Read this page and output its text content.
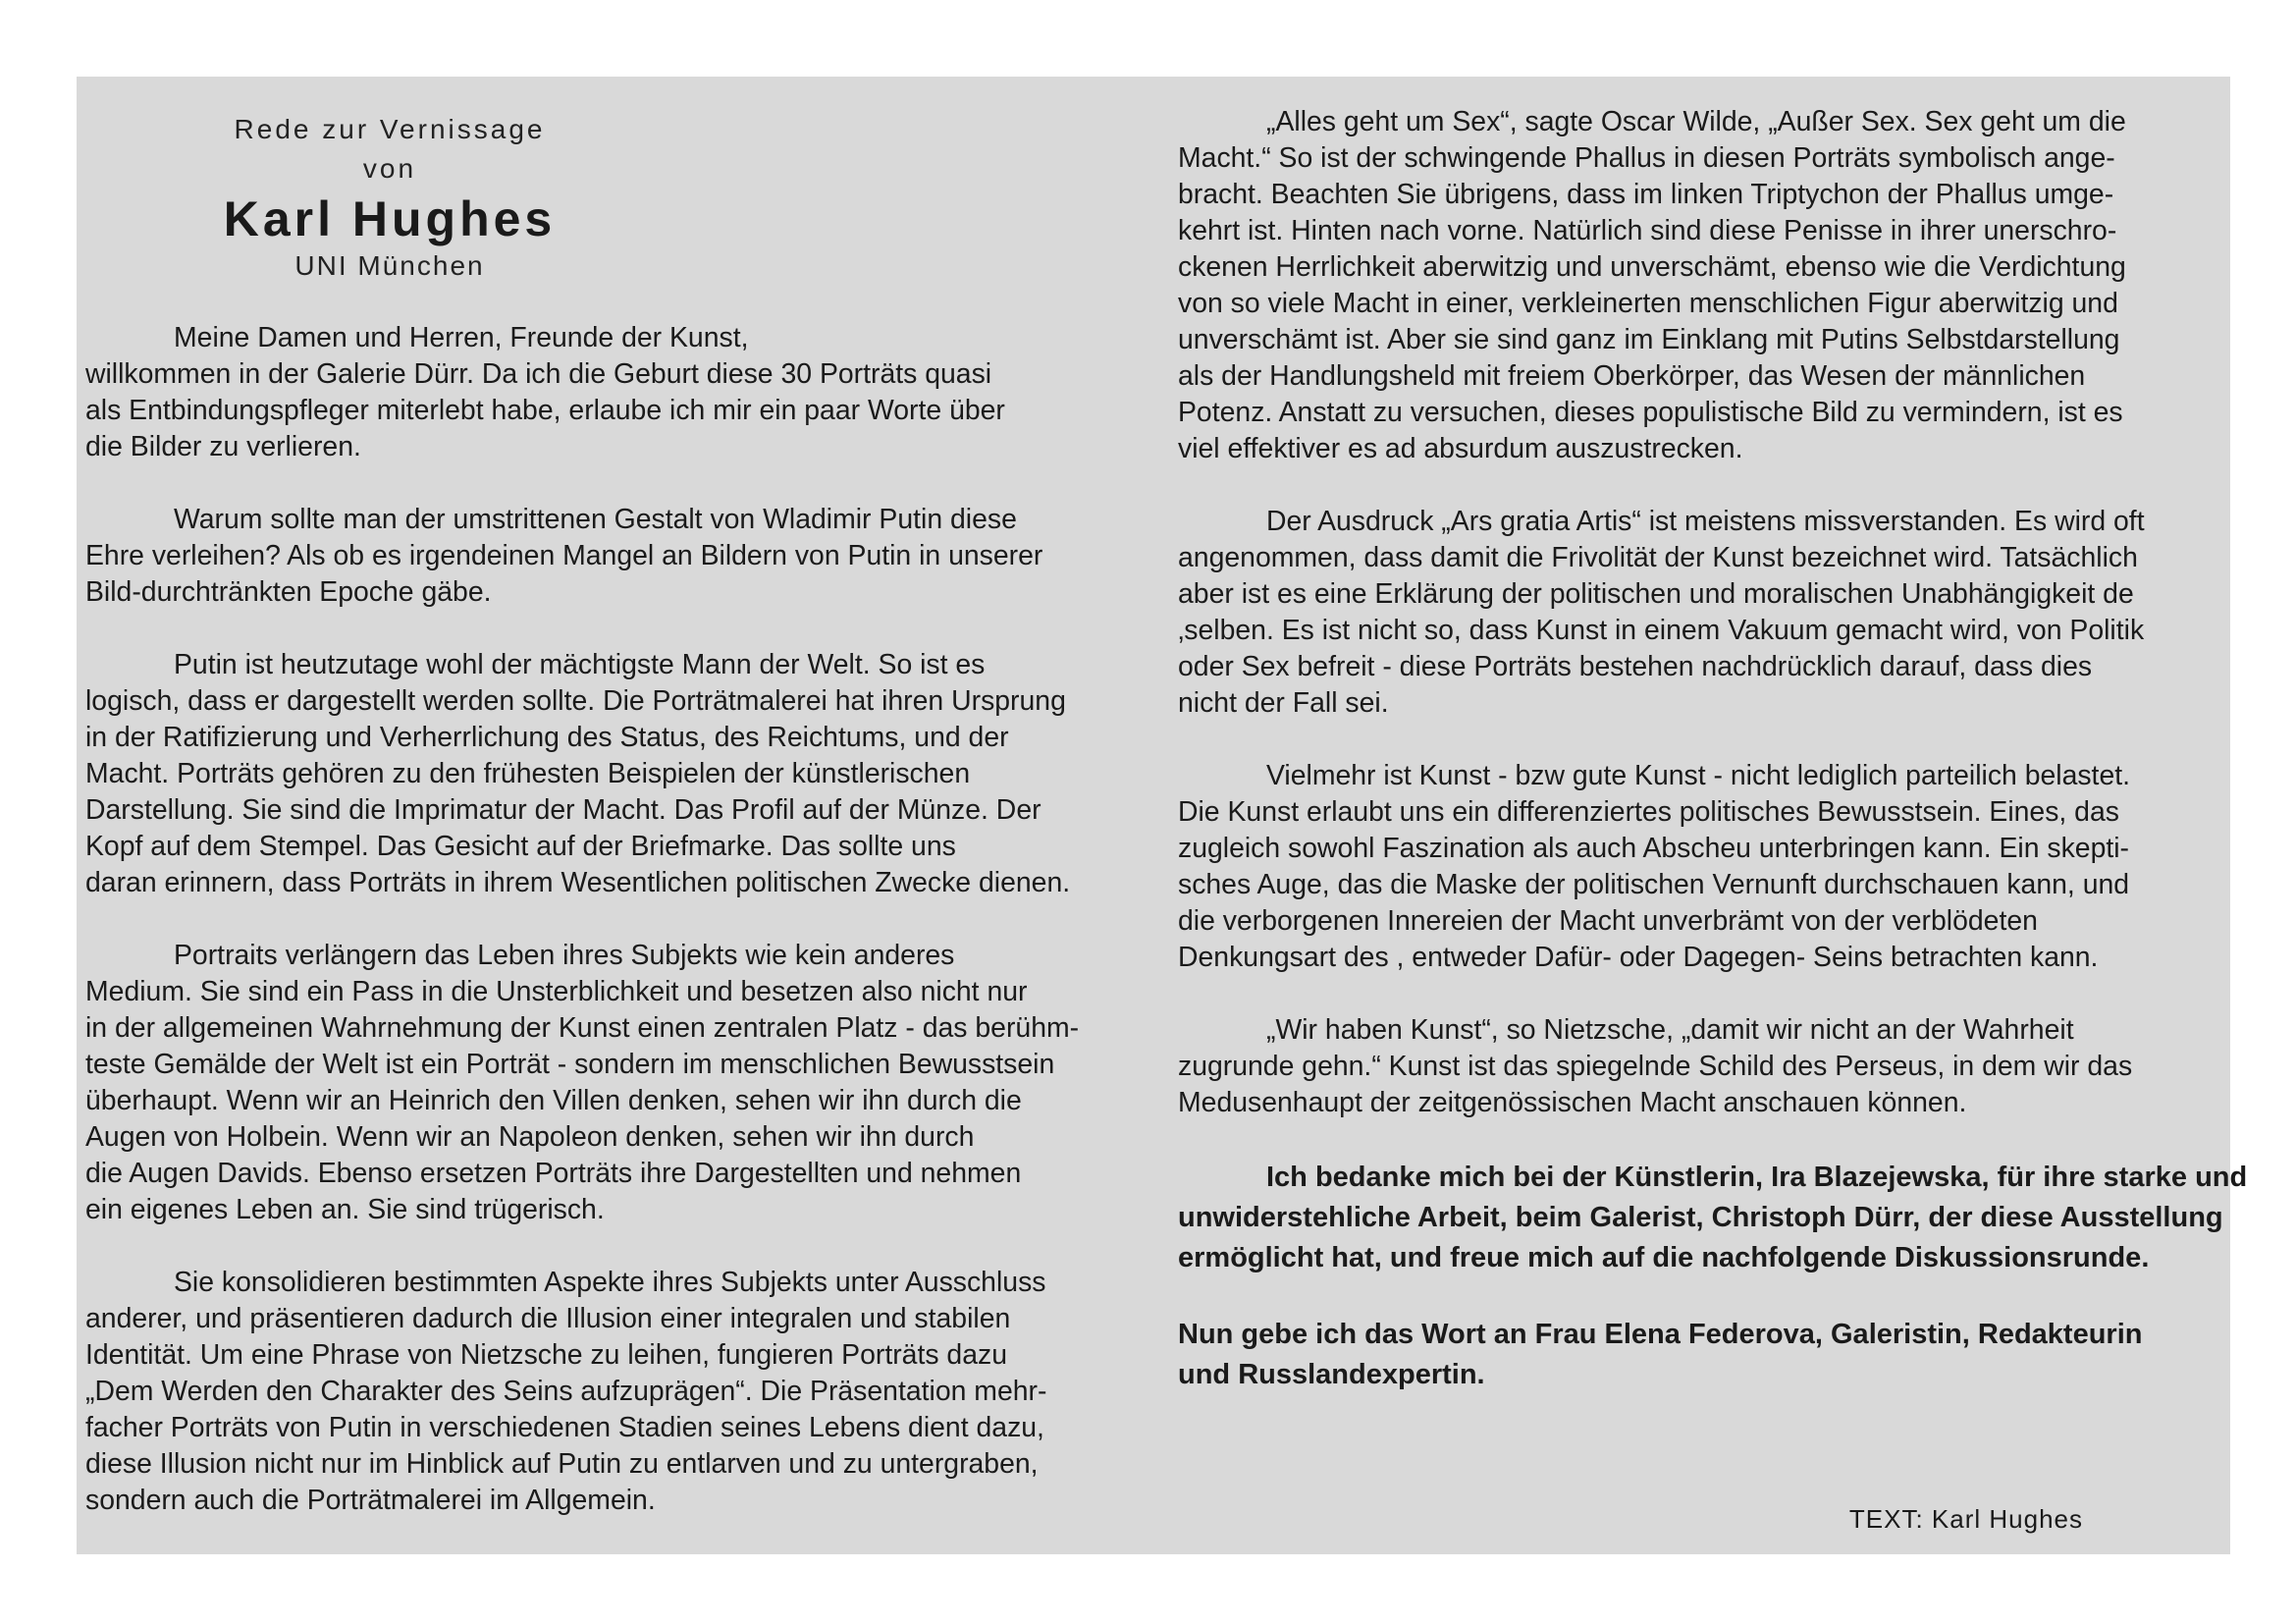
Rede zur Vernissage
von
Karl Hughes
UNI München

Meine Damen und Herren, Freunde der Kunst,
willkommen in der Galerie Dürr. Da ich die Geburt diese 30 Porträts quasi
als Entbindungspfleger miterlebt habe, erlaube ich mir ein paar Worte über
die Bilder zu verlieren.

Warum sollte man der umstrittenen Gestalt von Wladimir Putin diese
Ehre verleihen? Als ob es irgendeinen Mangel an Bildern von Putin in unserer
Bild-durchtränkten Epoche gäbe.

Putin ist heutzutage wohl der mächtigste Mann der Welt. So ist es
logisch, dass er dargestellt werden sollte. Die Porträtmalerei hat ihren Ursprung
in der Ratifizierung und Verherrlichung des Status, des Reichtums, und der
Macht. Porträts gehören zu den frühesten Beispielen der künstlerischen
Darstellung. Sie sind die Imprimatur der Macht. Das Profil auf der Münze. Der
Kopf auf dem Stempel. Das Gesicht auf der Briefmarke. Das sollte uns
daran erinnern, dass Porträts in ihrem Wesentlichen politischen Zwecke dienen.

Portraits verlängern das Leben ihres Subjekts wie kein anderes
Medium. Sie sind ein Pass in die Unsterblichkeit und besetzen also nicht nur
in der allgemeinen Wahrnehmung der Kunst einen zentralen Platz - das berühm-
teste Gemälde der Welt ist ein Porträt - sondern im menschlichen Bewusstsein
überhaupt. Wenn wir an Heinrich den Villen denken, sehen wir ihn durch die
Augen von Holbein. Wenn wir an Napoleon denken, sehen wir ihn durch
die Augen Davids. Ebenso ersetzen Porträts ihre Dargestellten und nehmen
ein eigenes Leben an. Sie sind trügerisch.

Sie konsolidieren bestimmten Aspekte ihres Subjekts unter Ausschluss
anderer, und präsentieren dadurch die Illusion einer integralen und stabilen
Identität. Um eine Phrase von Nietzsche zu leihen, fungieren Porträts dazu
„Dem Werden den Charakter des Seins aufzuprägen“. Die Präsentation mehr-
facher Porträts von Putin in verschiedenen Stadien seines Lebens dient dazu,
diese Illusion nicht nur im Hinblick auf Putin zu entlarven und zu untergraben,
sondern auch die Porträtmalerei im Allgemein.

„Alles geht um Sex“, sagte Oscar Wilde, „Außer Sex. Sex geht um die
Macht.“ So ist der schwingende Phallus in diesen Porträts symbolisch ange-
bracht. Beachten Sie übrigens, dass im linken Triptychon der Phallus umge-
kehrt ist. Hinten nach vorne. Natürlich sind diese Penisse in ihrer unerschro-
ckenen Herrlichkeit aberwitzig und unverschämt, ebenso wie die Verdichtung
von so viele Macht in einer, verkleinerten menschlichen Figur aberwitzig und
unverschämt ist. Aber sie sind ganz im Einklang mit Putins Selbstdarstellung
als der Handlungsheld mit freiem Oberkörper, das Wesen der männlichen
Potenz. Anstatt zu versuchen, dieses populistische Bild zu vermindern, ist es
viel effektiver es ad absurdum auszustrecken.

Der Ausdruck „Ars gratia Artis“ ist meistens missverstanden. Es wird oft
angenommen, dass damit die Frivolität der Kunst bezeichnet wird. Tatsächlich
aber ist es eine Erklärung der politischen und moralischen Unabhängigkeit de
‚selben. Es ist nicht so, dass Kunst in einem Vakuum gemacht wird, von Politik
oder Sex befreit - diese Porträts bestehen nachdrücklich darauf, dass dies
nicht der Fall sei.

Vielmehr ist Kunst - bzw gute Kunst - nicht lediglich parteilich belastet.
Die Kunst erlaubt uns ein differenziertes politisches Bewusstsein. Eines, das
zugleich sowohl Faszination als auch Abscheu unterbringen kann. Ein skepti-
sches Auge, das die Maske der politischen Vernunft durchschauen kann, und
die verborgenen Innereien der Macht unverbrämt von der verblödeten
Denkungsart des , entweder Dafür- oder Dagegen- Seins betrachten kann.

„Wir haben Kunst“, so Nietzsche, „damit wir nicht an der Wahrheit
zugrunde gehn.“ Kunst ist das spiegelnde Schild des Perseus, in dem wir das
Medusenhaupt der zeitgenössischen Macht anschauen können.

Ich bedanke mich bei der Künstlerin, Ira Blazejewska, für ihre starke und
unwiderstehliche Arbeit, beim Galerist, Christoph Dürr, der diese Ausstellung
ermöglicht hat, und freue mich auf die nachfolgende Diskussionsrunde.

Nun gebe ich das Wort an Frau Elena Federova, Galeristin, Redakteurin
und Russlandexpertin.

TEXT: Karl Hughes
